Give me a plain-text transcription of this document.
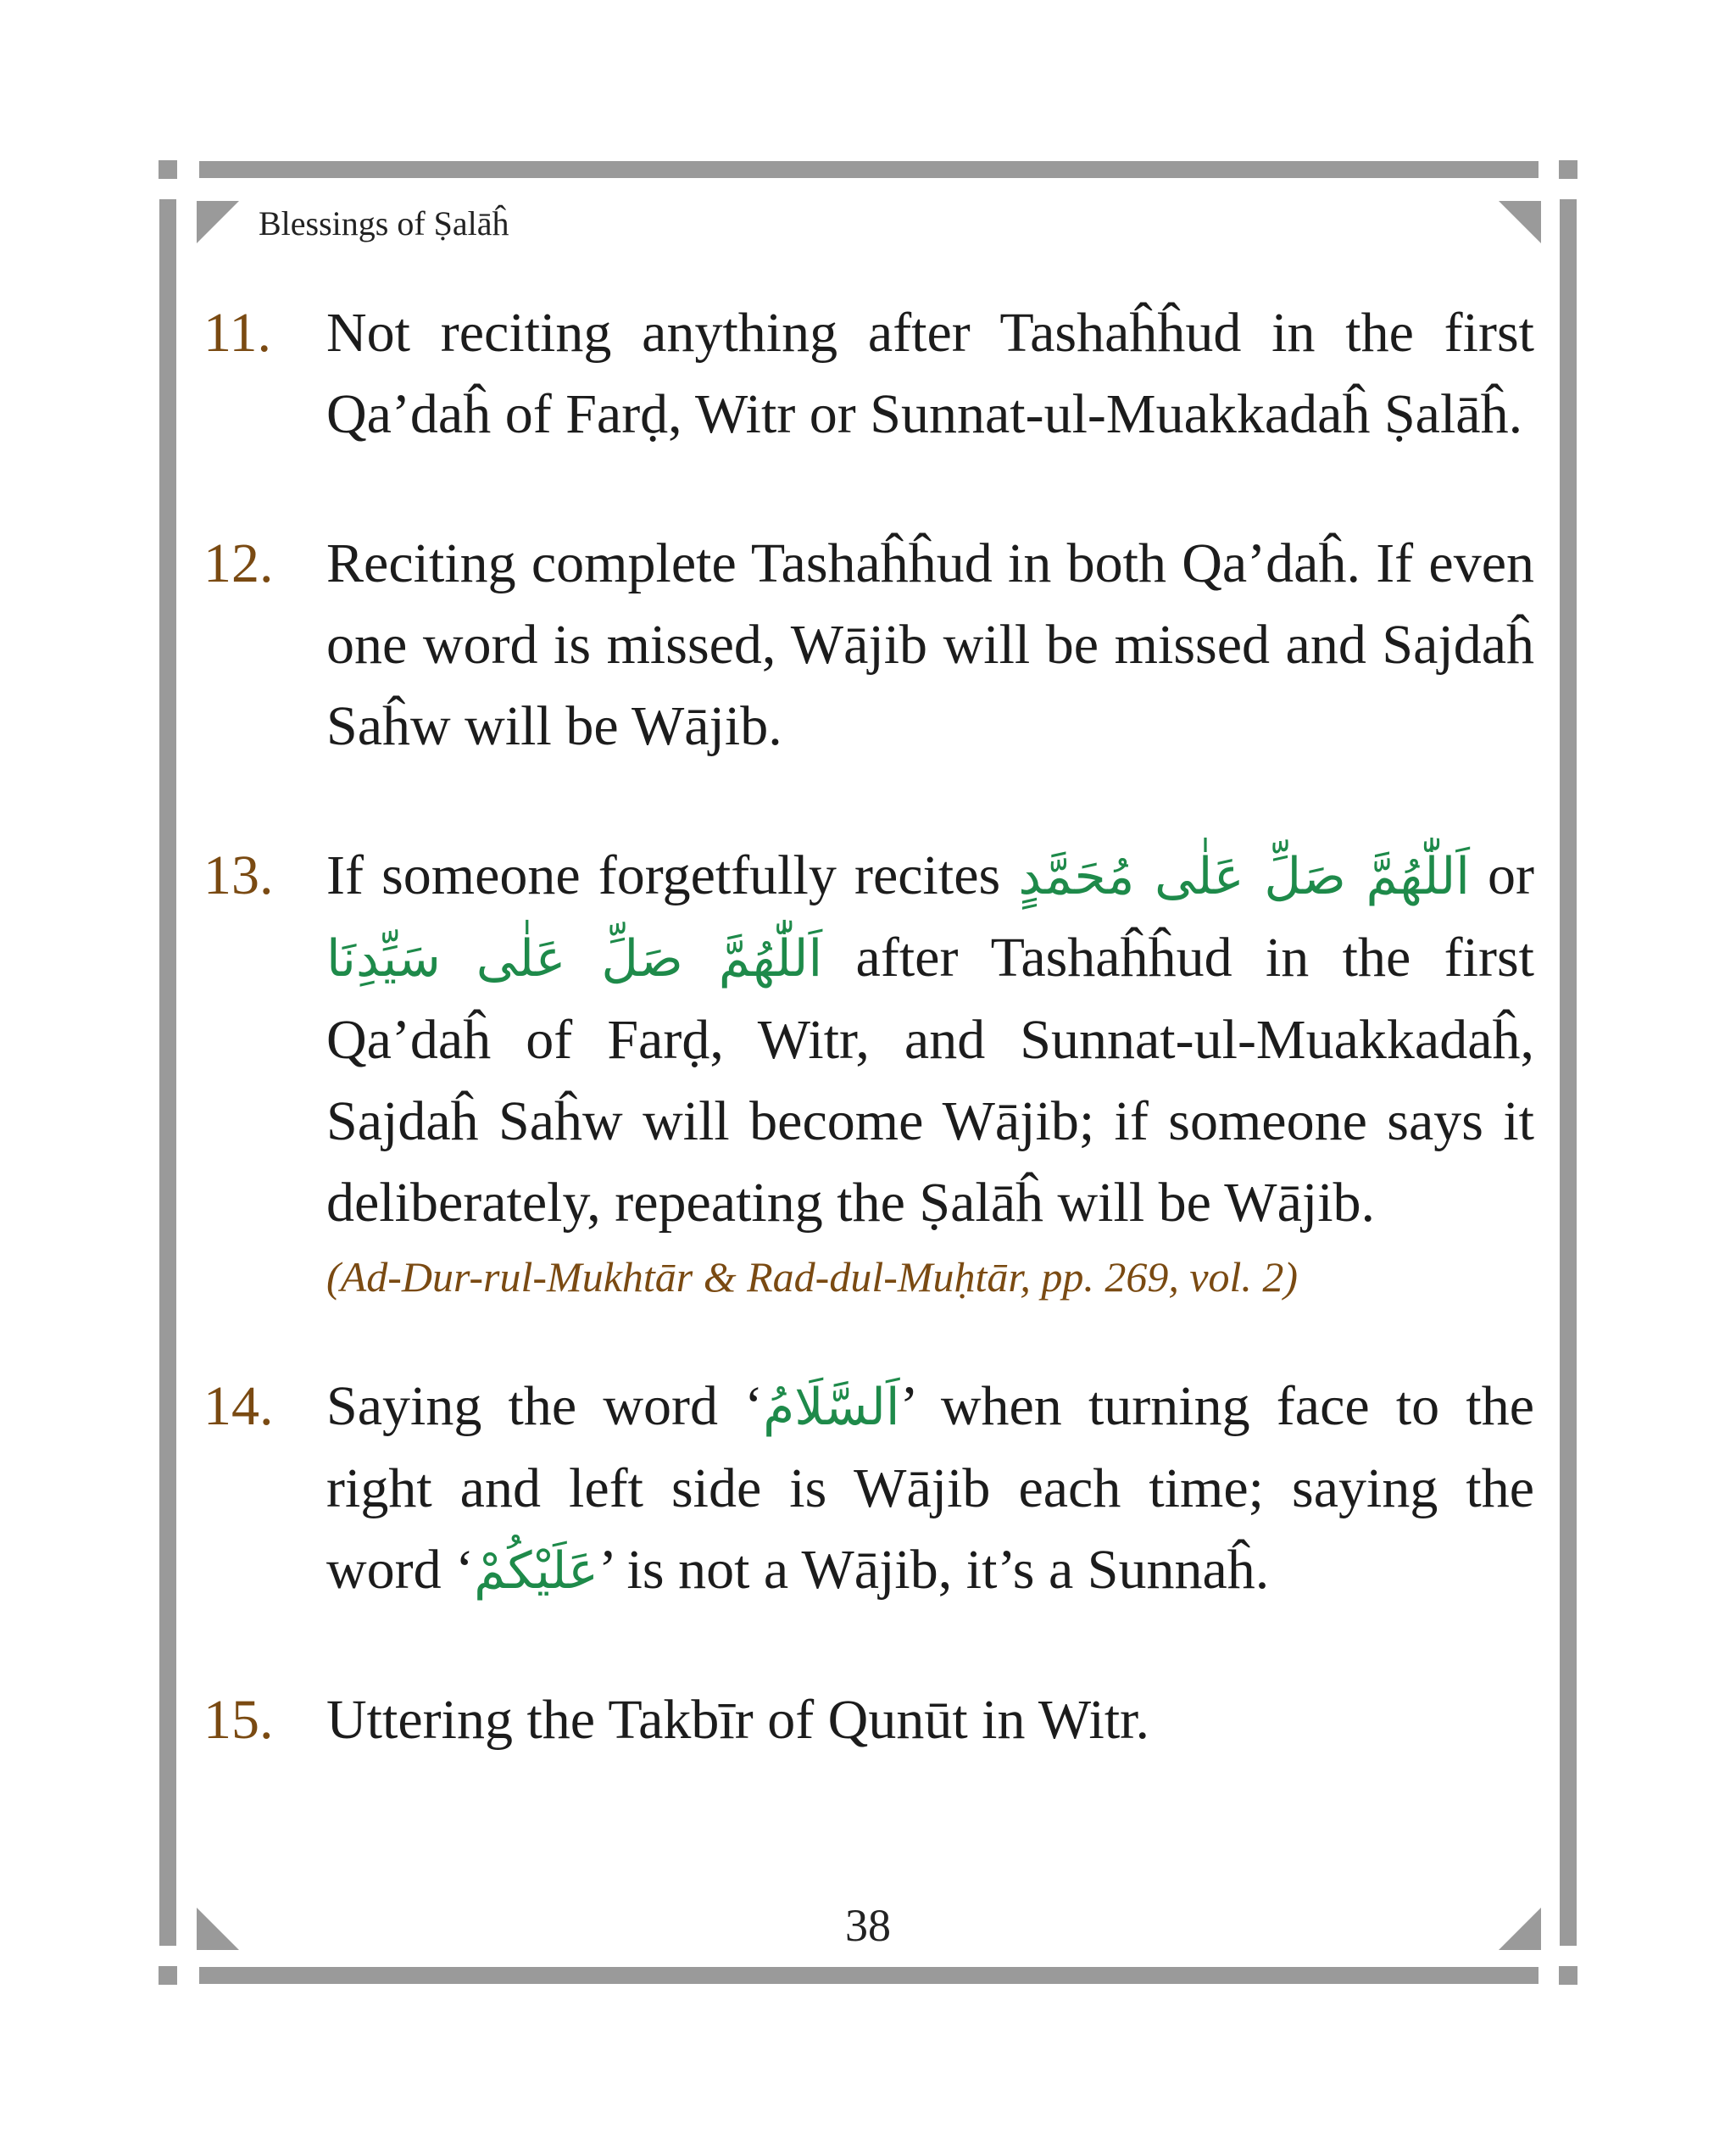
Blessings of Ṣalāĥ
11. Not reciting anything after Tashaĥĥud in the first Qa’daĥ of Farḍ, Witr or Sunnat-ul-Muakkadaĥ Ṣalāĥ.
12. Reciting complete Tashaĥĥud in both Qa’daĥ. If even one word is missed, Wājib will be missed and Sajdaĥ Saĥw will be Wājib.
13. If someone forgetfully recites اَللّٰهُمَّ صَلِّ عَلٰى مُحَمَّدٍ or اَللّٰهُمَّ صَلِّ عَلٰى سَيِّدِنَا after Tashaĥĥud in the first Qa’daĥ of Farḍ, Witr, and Sunnat-ul-Muakkadaĥ, Sajdaĥ Saĥw will become Wājib; if someone says it deliberately, repeating the Ṣalāĥ will be Wājib.
(Ad-Dur-rul-Mukhtār & Rad-dul-Muḥtār, pp. 269, vol. 2)
14. Saying the word ‘اَلسَّلَامُ’ when turning face to the right and left side is Wājib each time; saying the word ‘عَلَيْكُمْ’ is not a Wājib, it’s a Sunnaĥ.
15. Uttering the Takbīr of Qunūt in Witr.
38
